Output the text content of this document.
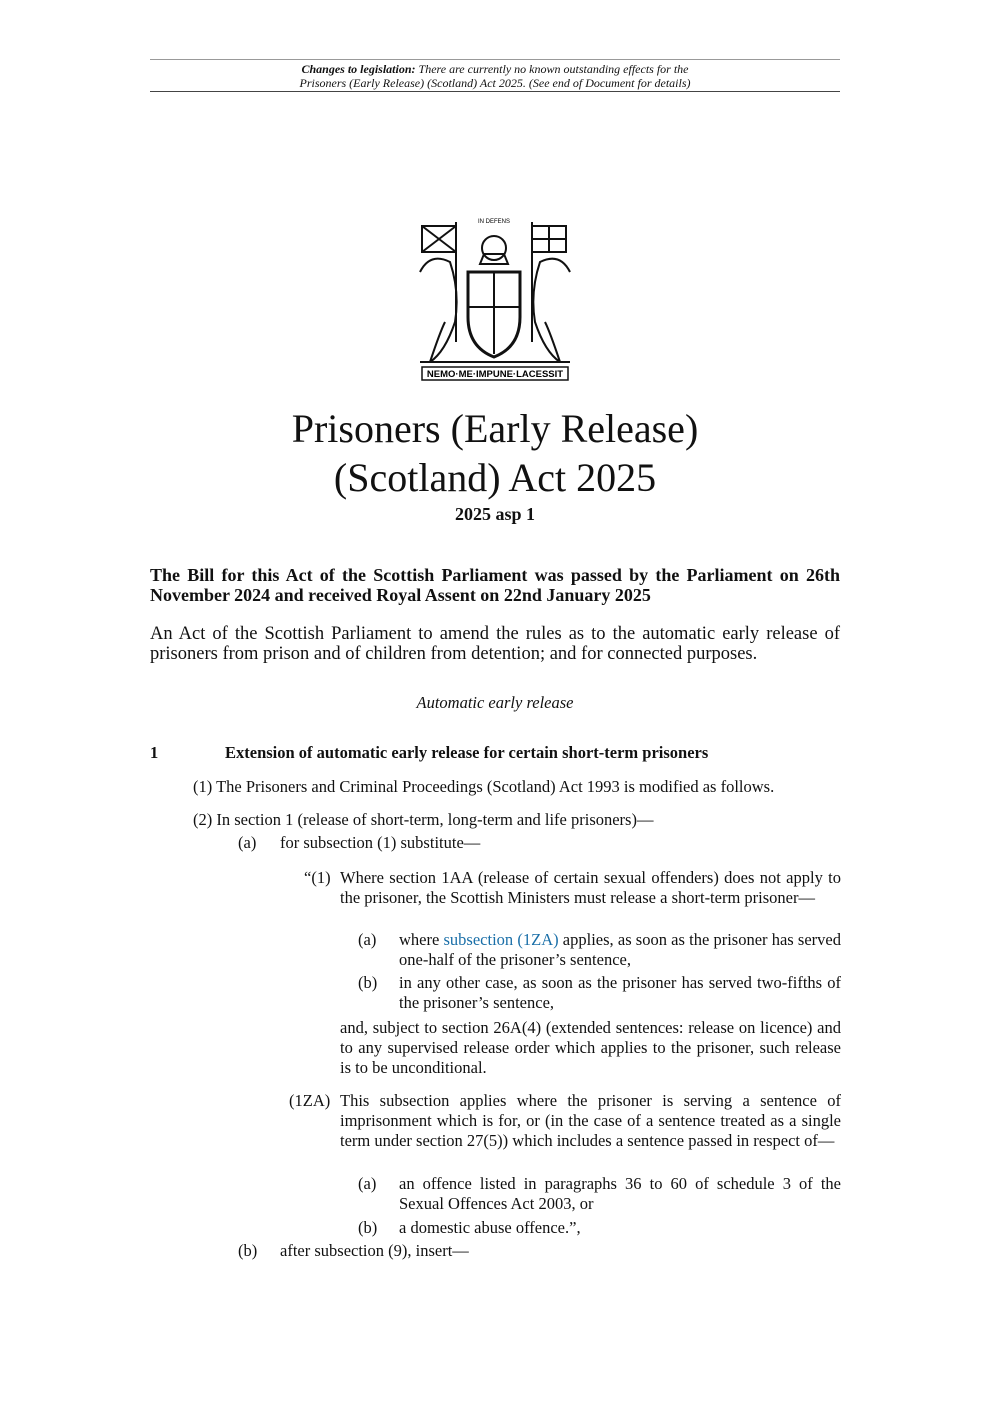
Changes to legislation: There are currently no known outstanding effects for the
Prisoners (Early Release) (Scotland) Act 2025. (See end of Document for details)
NEMO·ME·IMPUNE·LACESSIT
IN DEFENS
Prisoners (Early Release)
(Scotland) Act 2025
2025 asp 1
The Bill for this Act of the Scottish Parliament was passed by the Parliament on 26th November 2024 and received Royal Assent on 22nd January 2025
An Act of the Scottish Parliament to amend the rules as to the automatic early release of prisoners from prison and of children from detention; and for connected purposes.
Automatic early release
1	Extension of automatic early release for certain short-term prisoners
(1) The Prisoners and Criminal Proceedings (Scotland) Act 1993 is modified as follows.
(2) In section 1 (release of short-term, long-term and life prisoners)—
(a) for subsection (1) substitute—
“(1) Where section 1AA (release of certain sexual offenders) does not apply to the prisoner, the Scottish Ministers must release a short-term prisoner—
(a) where subsection (1ZA) applies, as soon as the prisoner has served one-half of the prisoner’s sentence,
(b) in any other case, as soon as the prisoner has served two-fifths of the prisoner’s sentence,
and, subject to section 26A(4) (extended sentences: release on licence) and to any supervised release order which applies to the prisoner, such release is to be unconditional.
(1ZA) This subsection applies where the prisoner is serving a sentence of imprisonment which is for, or (in the case of a sentence treated as a single term under section 27(5)) which includes a sentence passed in respect of—
(a) an offence listed in paragraphs 36 to 60 of schedule 3 of the Sexual Offences Act 2003, or
(b) a domestic abuse offence.”,
(b) after subsection (9), insert—
